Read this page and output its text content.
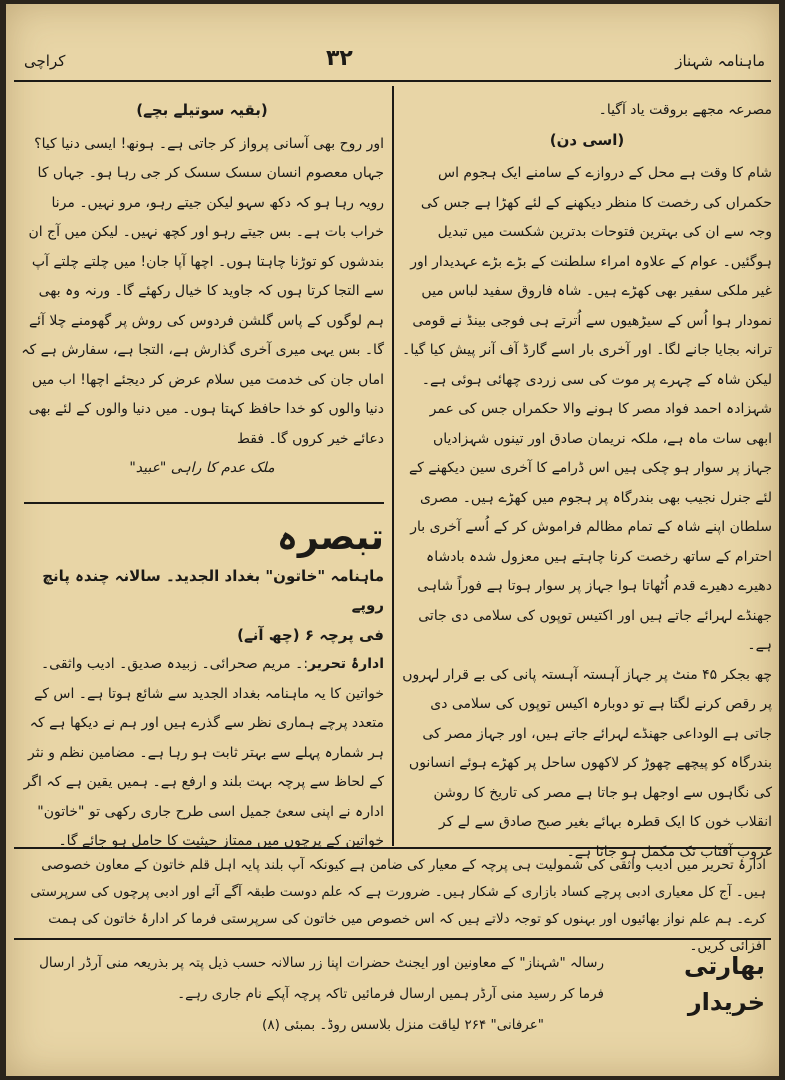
کراچی	۳۲	ماہنامہ شہناز

مصرعہ مجھے بروقت یاد آگیا۔

(اسی دن)

شام کا وقت ہے محل کے دروازے کے سامنے ایک ہجوم اس حکمراں کی رخصت کا منظر دیکھنے کے لئے کھڑا ہے جس کی وجہ سے ان کی بہترین فتوحات بدترین شکست میں تبدیل ہوگئیں۔ عوام کے علاوہ امراء سلطنت کے بڑے بڑے عہدیدار اور غیر ملکی سفیر بھی کھڑے ہیں۔ شاہ فاروق سفید لباس میں نمودار ہوا اُس کے سیڑھیوں سے اُترتے ہی فوجی بینڈ نے قومی ترانہ بجایا جانے لگا۔ اور آخری بار اسے گارڈ آف آنر پیش کیا گیا۔ لیکن شاہ کے چہرے پر موت کی سی زردی چھائی ہوئی ہے۔

شہزادہ احمد فواد مصر کا ہونے والا حکمراں جس کی عمر ابھی سات ماہ ہے، ملکہ نریمان صادق اور تینوں شہزادیاں جہاز پر سوار ہو چکی ہیں اس ڈرامے کا آخری سین دیکھنے کے لئے جنرل نجیب بھی بندرگاہ پر ہجوم میں کھڑے ہیں۔ مصری سلطان اپنے شاہ کے تمام مظالم فراموش کر کے اُسے آخری بار احترام کے ساتھ رخصت کرنا چاہتے ہیں معزول شدہ بادشاہ دھیرے دھیرے قدم اُٹھاتا ہوا جہاز پر سوار ہوتا ہے فوراً شاہی جھنڈے لہرائے جاتے ہیں اور اکتیس توپوں کی سلامی دی جاتی ہے۔

چھ بجکر ۴۵ منٹ پر جہاز آہستہ آہستہ پانی کی بے قرار لہروں پر رقص کرنے لگتا ہے تو دوبارہ اکیس توپوں کی سلامی دی جاتی ہے الوداعی جھنڈے لہرائے جاتے ہیں، اور جہاز مصر کی بندرگاہ کو پیچھے چھوڑ کر لاکھوں ساحل پر کھڑے ہوئے انسانوں کی نگاہوں سے اوجھل ہو جاتا ہے مصر کی تاریخ کا روشن انقلاب خون کا ایک قطرہ بہائے بغیر صبح صادق سے لے کر غروب آفتاب تک مکمل ہو جاتا ہے۔

(بقیہ سوتیلے بچے)

اور روح بھی آسانی پرواز کر جاتی ہے۔ ہونھ! ایسی دنیا کیا؟ جہاں معصوم انسان سسک سسک کر جی رہا ہو۔ جہاں کا رویہ رہا ہو کہ دکھ سہو لیکن جیتے رہو، مرو نہیں۔ مرنا خراب بات ہے۔ بس جیتے رہو اور کچھ نہیں۔ لیکن میں آج ان بندشوں کو توڑنا چاہتا ہوں۔ اچھا آپا جان! میں چلتے چلتے آپ سے التجا کرتا ہوں کہ جاوید کا خیال رکھئے گا۔ ورنہ وہ بھی ہم لوگوں کے پاس گلشن فردوس کی روش پر گھومنے چلا آئے گا۔ بس یہی میری آخری گذارش ہے، التجا ہے، سفارش ہے کہ اماں جان کی خدمت میں سلام عرض کر دیجئے اچھا! اب میں دنیا والوں کو خدا حافظ کہتا ہوں۔ میں دنیا والوں کے لئے بھی دعائے خیر کروں گا۔ فقط

ملک عدم کا راہی "عبید"

تبصرہ

ماہنامہ "خاتون" بغداد الجدید۔ سالانہ چندہ پانچ روپے

فی پرچہ ۶ (چھ آنے)

ادارۂ تحریر:۔ مریم صحرائی۔ زبیدہ صدیق۔ ادیب واثقی۔

خواتین کا یہ ماہنامہ بغداد الجدید سے شائع ہوتا ہے۔ اس کے متعدد پرچے ہماری نظر سے گذرے ہیں اور ہم نے دیکھا ہے کہ ہر شمارہ پہلے سے بہتر ثابت ہو رہا ہے۔ مضامین نظم و نثر کے لحاظ سے پرچہ بہت بلند و ارفع ہے۔ ہمیں یقین ہے کہ اگر ادارہ نے اپنی سعئ جمیل اسی طرح جاری رکھی تو "خاتون" خواتین کے پرچوں میں ممتاز حیثیت کا حامل ہو جائے گا۔

ادارۂ تحریر میں ادیب واثقی کی شمولیت ہی پرچہ کے معیار کی ضامن ہے کیونکہ آپ بلند پایہ اہل قلم خاتون کے معاون خصوصی ہیں۔ آج کل معیاری ادبی پرچے کساد بازاری کے شکار ہیں۔ ضرورت ہے کہ علم دوست طبقہ آگے آئے اور ادبی پرچوں کی سرپرستی کرے۔ ہم علم نواز بھائیوں اور بہنوں کو توجہ دلاتے ہیں کہ اس خصوص میں خاتون کی سرپرستی فرما کر ادارۂ خاتون کی ہمت افزائی کریں۔
بھارتی خریدار

رسالہ "شہناز" کے معاونین اور ایجنٹ حضرات اپنا زر سالانہ حسب ذیل پتہ پر بذریعہ منی آرڈر ارسال فرما کر رسید منی آرڈر ہمیں ارسال فرمائیں تاکہ پرچہ آپکے نام جاری رہے۔

"عرفانی" ۲۶۴ لیاقت منزل بلاسس روڈ۔ بمبئی (۸)
